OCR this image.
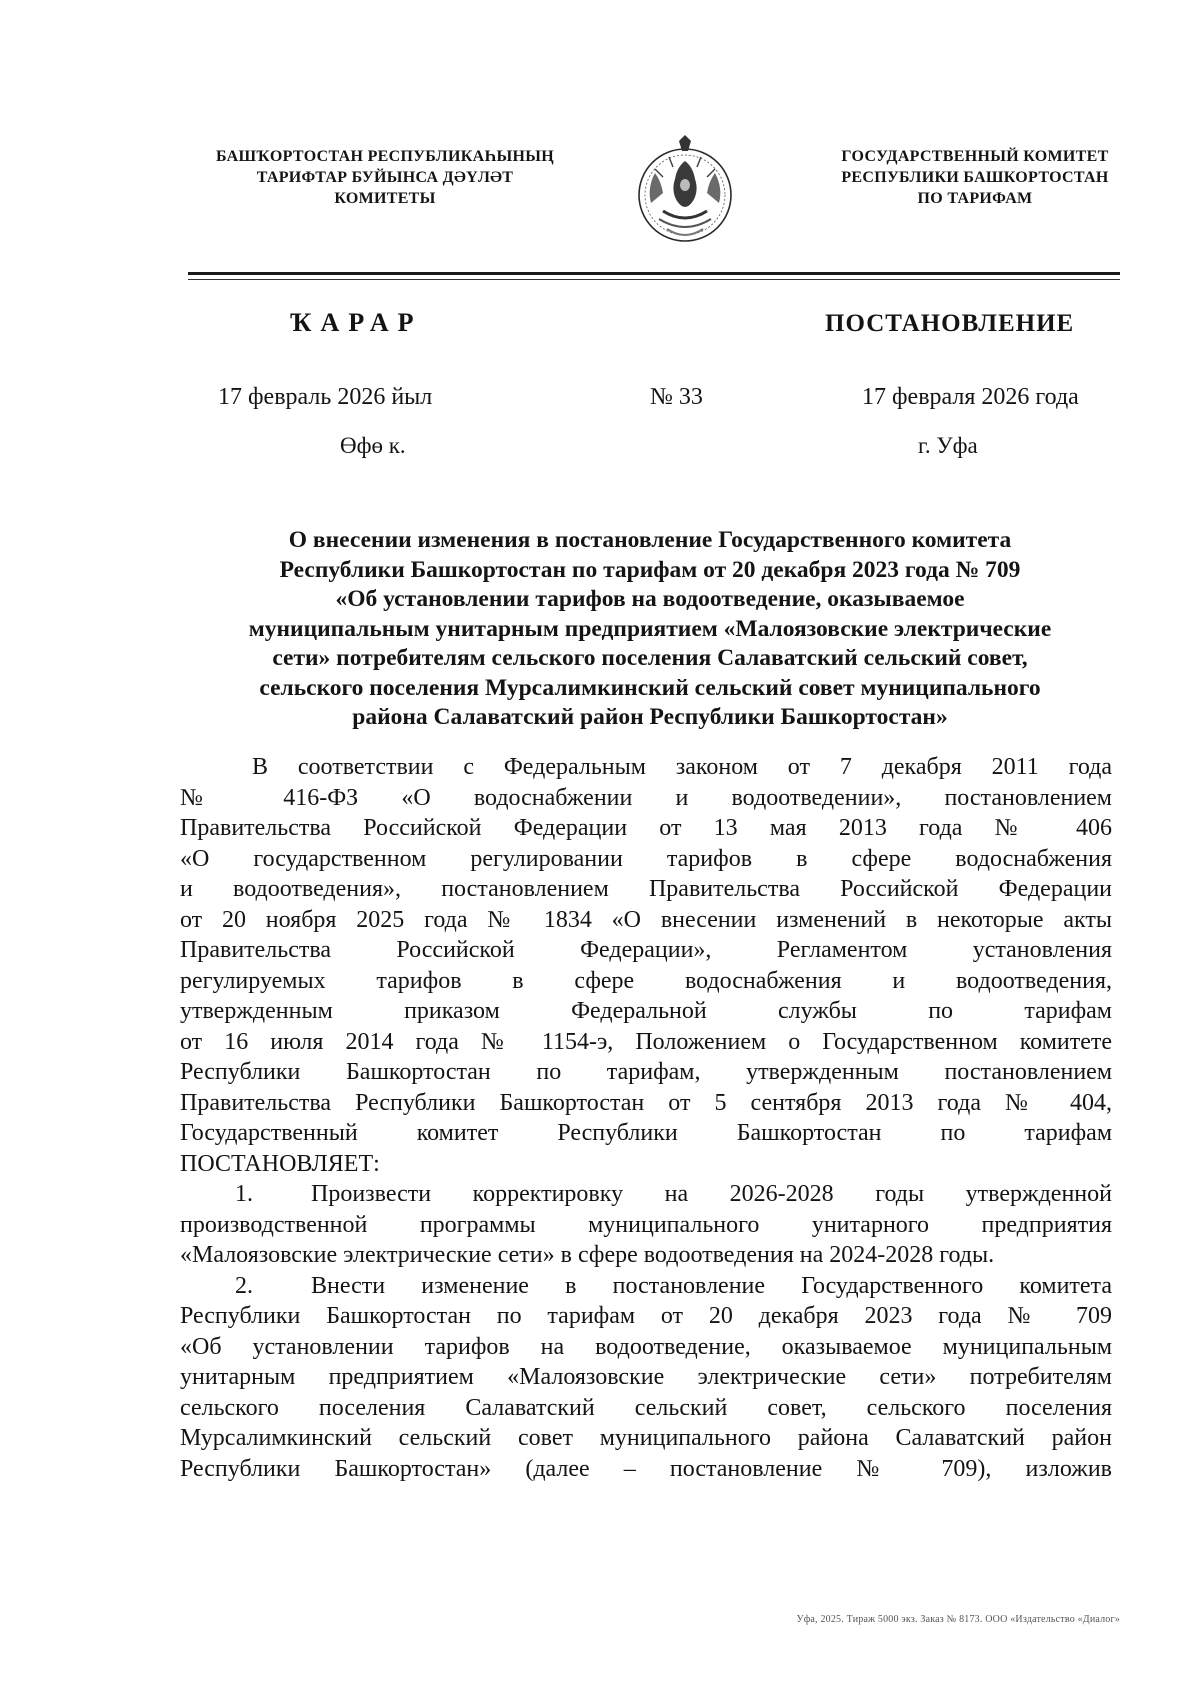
БАШҠОРТОСТАН РЕСПУБЛИКАҺЫНЫҢ
ТАРИФТАР БУЙЫНСА ДӘҮЛӘТ
КОМИТЕТЫ
ГОСУДАРСТВЕННЫЙ КОМИТЕТ
РЕСПУБЛИКИ БАШКОРТОСТАН
ПО ТАРИФАМ
ҠАРАР	ПОСТАНОВЛЕНИЕ
17 февраль 2026 йыл	№ 33	17 февраля 2026 года
Өфө к.	г. Уфа
О внесении изменения в постановление Государственного комитета
Республики Башкортостан по тарифам от 20 декабря 2023 года № 709
«Об установлении тарифов на водоотведение, оказываемое
муниципальным унитарным предприятием «Малоязовские электрические
сети» потребителям сельского поселения Салаватский сельский совет,
сельского поселения Мурсалимкинский сельский совет муниципального
района Салаватский район Республики Башкортостан»
В соответствии с Федеральным законом от 7 декабря 2011 года
№ 416-ФЗ «О водоснабжении и водоотведении», постановлением
Правительства Российской Федерации от 13 мая 2013 года № 406
«О государственном регулировании тарифов в сфере водоснабжения
и водоотведения», постановлением Правительства Российской Федерации
от 20 ноября 2025 года № 1834 «О внесении изменений в некоторые акты
Правительства Российской Федерации», Регламентом установления
регулируемых тарифов в сфере водоснабжения и водоотведения,
утвержденным приказом Федеральной службы по тарифам
от 16 июля 2014 года № 1154-э, Положением о Государственном комитете
Республики Башкортостан по тарифам, утвержденным постановлением
Правительства Республики Башкортостан от 5 сентября 2013 года № 404,
Государственный комитет Республики Башкортостан по тарифам
ПОСТАНОВЛЯЕТ:
1. Произвести корректировку на 2026-2028 годы утвержденной
производственной программы муниципального унитарного предприятия
«Малоязовские электрические сети» в сфере водоотведения на 2024-2028 годы.
2. Внести изменение в постановление Государственного комитета
Республики Башкортостан по тарифам от 20 декабря 2023 года № 709
«Об установлении тарифов на водоотведение, оказываемое муниципальным
унитарным предприятием «Малоязовские электрические сети» потребителям
сельского поселения Салаватский сельский совет, сельского поселения
Мурсалимкинский сельский совет муниципального района Салаватский район
Республики Башкортостан» (далее – постановление № 709), изложив
Уфа, 2025. Тираж 5000 экз. Заказ № 8173. ООО «Издательство «Диалог»
